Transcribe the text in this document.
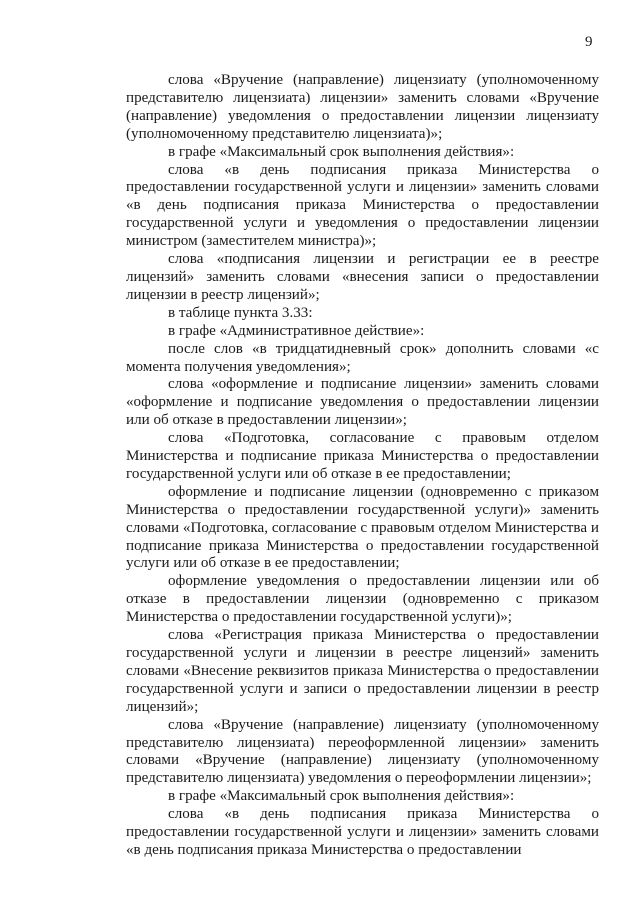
9

слова «Вручение (направление) лицензиату (уполномоченному представителю лицензиата) лицензии» заменить словами «Вручение (направление) уведомления о предоставлении лицензии лицензиату (уполномоченному представителю лицензиата)»;

в графе «Максимальный срок выполнения действия»:

слова «в день подписания приказа Министерства о предоставлении государственной услуги и лицензии» заменить словами «в день подписания приказа Министерства о предоставлении государственной услуги и уведомления о предоставлении лицензии министром (заместителем министра)»;

слова «подписания лицензии и регистрации ее в реестре лицензий» заменить словами «внесения записи о предоставлении лицензии в реестр лицензий»;

в таблице пункта 3.33:

в графе «Административное действие»:

после слов «в тридцатидневный срок» дополнить словами «с момента получения уведомления»;

слова «оформление и подписание лицензии» заменить словами «оформление и подписание уведомления о предоставлении лицензии или об отказе в предоставлении лицензии»;

слова «Подготовка, согласование с правовым отделом Министерства и подписание приказа Министерства о предоставлении государственной услуги или об отказе в ее предоставлении;

оформление и подписание лицензии (одновременно с приказом Министерства о предоставлении государственной услуги)» заменить словами «Подготовка, согласование с правовым отделом Министерства и подписание приказа Министерства о предоставлении государственной услуги или об отказе в ее предоставлении;

оформление уведомления о предоставлении лицензии или об отказе в предоставлении лицензии (одновременно с приказом Министерства о предоставлении государственной услуги)»;

слова «Регистрация приказа Министерства о предоставлении государственной услуги и лицензии в реестре лицензий» заменить словами «Внесение реквизитов приказа Министерства о предоставлении государственной услуги и записи о предоставлении лицензии в реестр лицензий»;

слова «Вручение (направление) лицензиату (уполномоченному представителю лицензиата) переоформленной лицензии» заменить словами «Вручение (направление) лицензиату (уполномоченному представителю лицензиата) уведомления о переоформлении лицензии»;

в графе «Максимальный срок выполнения действия»:

слова «в день подписания приказа Министерства о предоставлении государственной услуги и лицензии» заменить словами «в день подписания приказа Министерства о предоставлении
